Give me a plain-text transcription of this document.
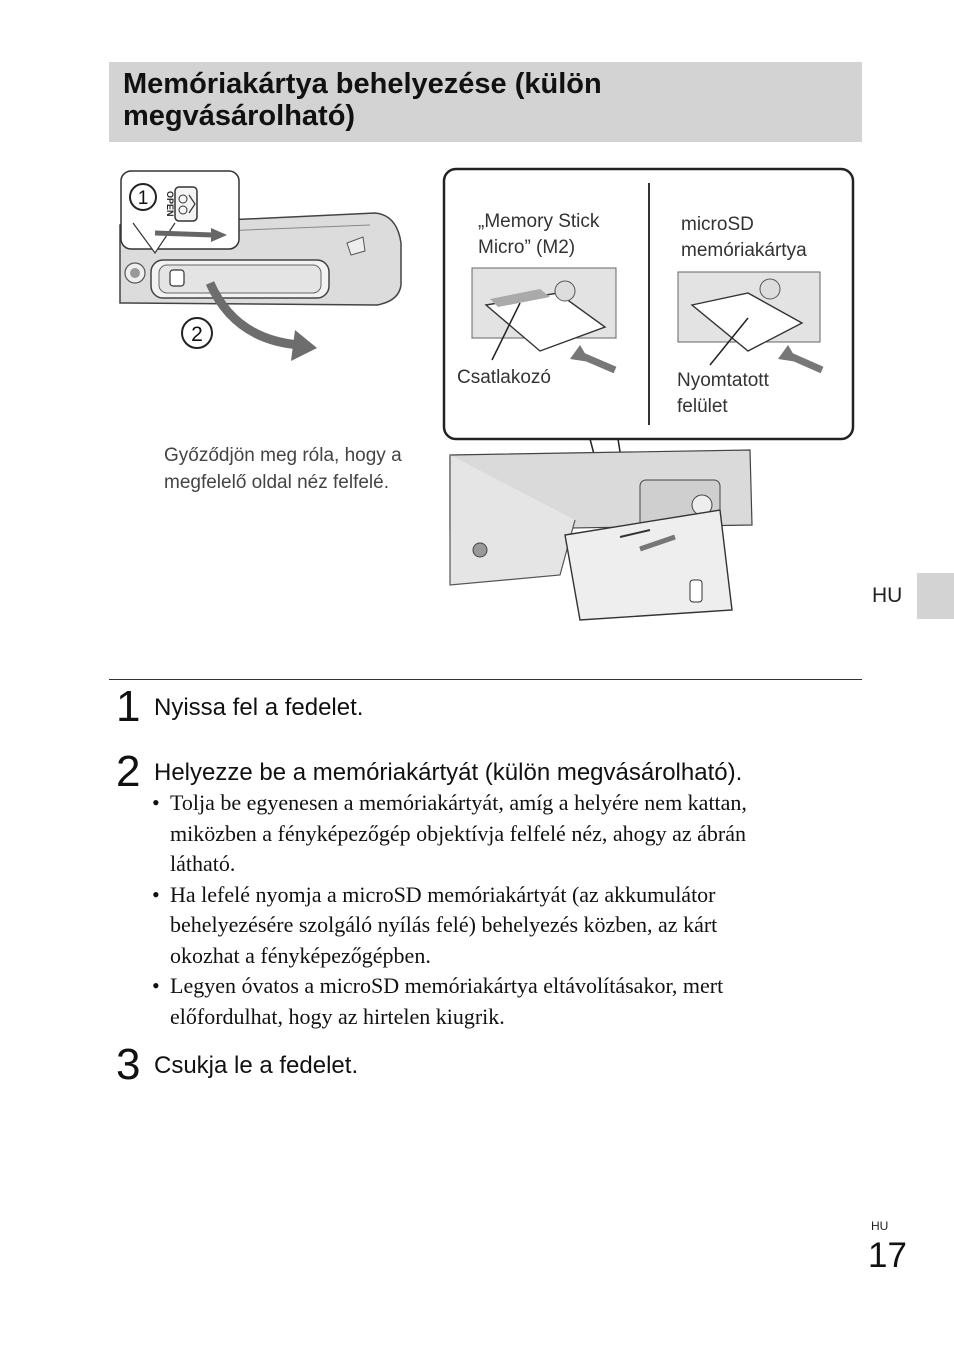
Memóriakártya behelyezése (külön
megvásárolható)
OPEN
1
2
„Memory Stick
Micro” (M2)
microSD
memóriakártya
Csatlakozó	Nyomtatott
felület
Győződjön meg róla, hogy a
megfelelő oldal néz felfelé.
HU
1 Nyissa fel a fedelet.
2 Helyezze be a memóriakártyát (külön megvásárolható).
• Tolja be egyenesen a memóriakártyát, amíg a helyére nem kattan,
miközben a fényképezőgép objektívja felfelé néz, ahogy az ábrán
látható.
• Ha lefelé nyomja a microSD memóriakártyát (az akkumulátor
behelyezésére szolgáló nyílás felé) behelyezés közben, az kárt
okozhat a fényképezőgépben.
• Legyen óvatos a microSD memóriakártya eltávolításakor, mert
előfordulhat, hogy az hirtelen kiugrik.
3 Csukja le a fedelet.
HU
17
